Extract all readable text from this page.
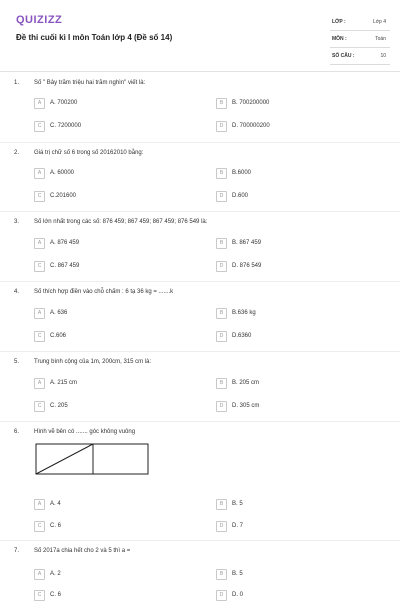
QUIZIZZ
Đề thi cuối kì I môn Toán lớp 4 (Đề số 14)
LỚP :	Lớp 4
MÔN :	Toán
SỐ CÂU :	10
1. Số " Bảy trăm triệu hai trăm nghìn" viết là:
A	A. 700200	B	B. 700200000
C	C. 7200000	D	D. 700000200
2. Giá trị chữ số 6 trong số 20162010 bằng:
A	A. 60000	B	B.6000
C	C.201600	D	D.600
3. Số lớn nhất trong các số: 876 459; 867 459; 867 459; 876 549 là:
A	A. 876 459	B	B. 867 459
C	C. 867 459	D	D. 876 549
4. Số thích hợp điền vào chỗ chấm : 6 tạ 36 kg = .......k
A	A. 636	B	B.636 kg
C	C.606	D	D.6360
5. Trung bình cộng của 1m, 200cm, 315 cm là:
A	A. 215 cm	B	B. 205 cm
C	C. 205	D	D. 305 cm
6. Hình vẽ bên có ....... góc không vuông
A	A. 4	B	B. 5
C	C. 6	D	D. 7
7. Số 2017a chia hết cho 2 và 5 thì a =
A	A. 2	B	B. 5
C	C. 6	D	D. 0
